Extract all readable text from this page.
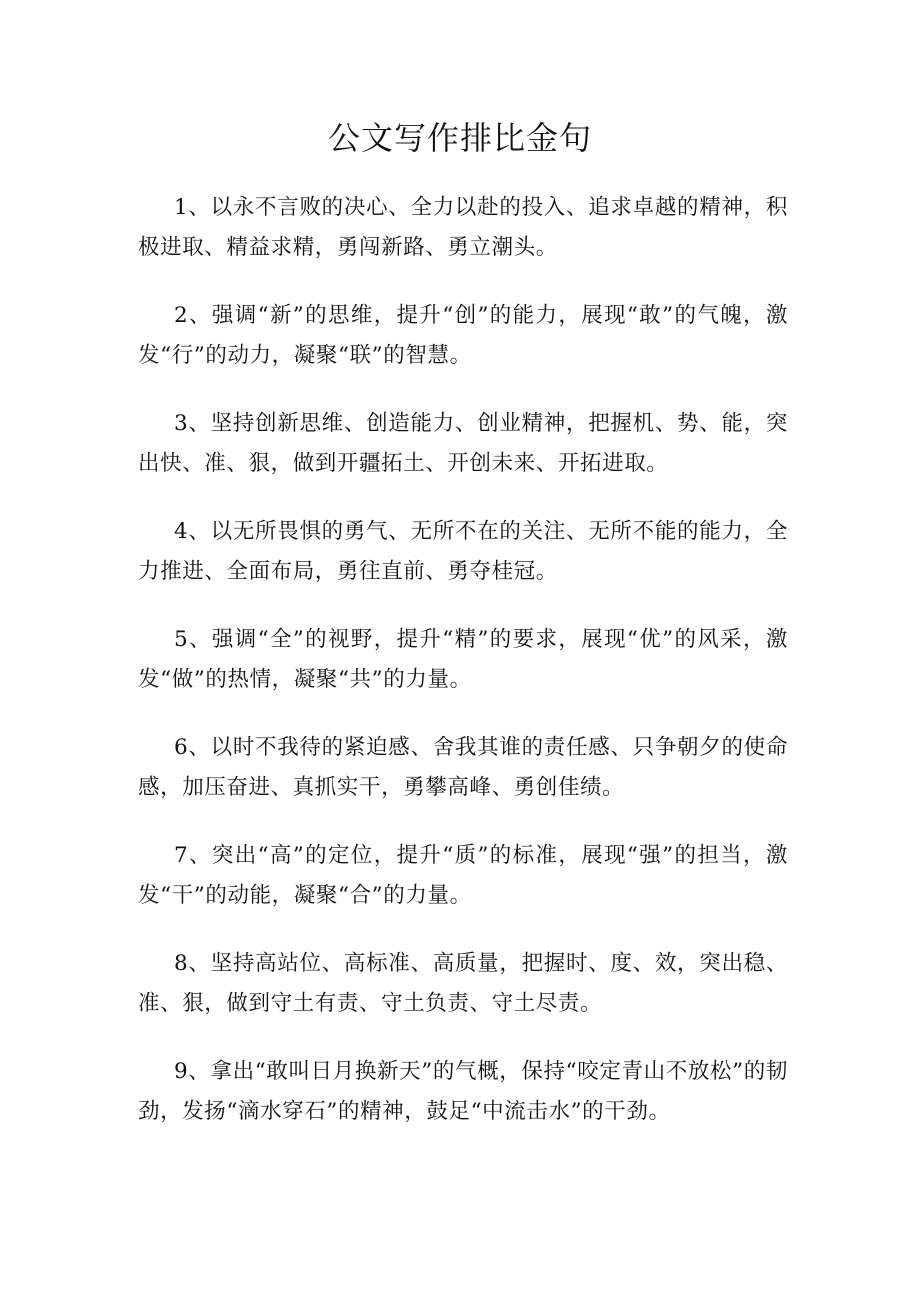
公文写作排比金句

1、以永不言败的决心、全力以赴的投入、追求卓越的精神，积极进取、精益求精，勇闯新路、勇立潮头。

2、强调“新”的思维，提升“创”的能力，展现“敢”的气魄，激发“行”的动力，凝聚“联”的智慧。

3、坚持创新思维、创造能力、创业精神，把握机、势、能，突出快、准、狠，做到开疆拓土、开创未来、开拓进取。

4、以无所畏惧的勇气、无所不在的关注、无所不能的能力，全力推进、全面布局，勇往直前、勇夺桂冠。

5、强调“全”的视野，提升“精”的要求，展现“优”的风采，激发“做”的热情，凝聚“共”的力量。

6、以时不我待的紧迫感、舍我其谁的责任感、只争朝夕的使命感，加压奋进、真抓实干，勇攀高峰、勇创佳绩。

7、突出“高”的定位，提升“质”的标准，展现“强”的担当，激发“干”的动能，凝聚“合”的力量。

8、坚持高站位、高标准、高质量，把握时、度、效，突出稳、准、狠，做到守土有责、守土负责、守土尽责。

9、拿出“敢叫日月换新天”的气概，保持“咬定青山不放松”的韧劲，发扬“滴水穿石”的精神，鼓足“中流击水”的干劲。
